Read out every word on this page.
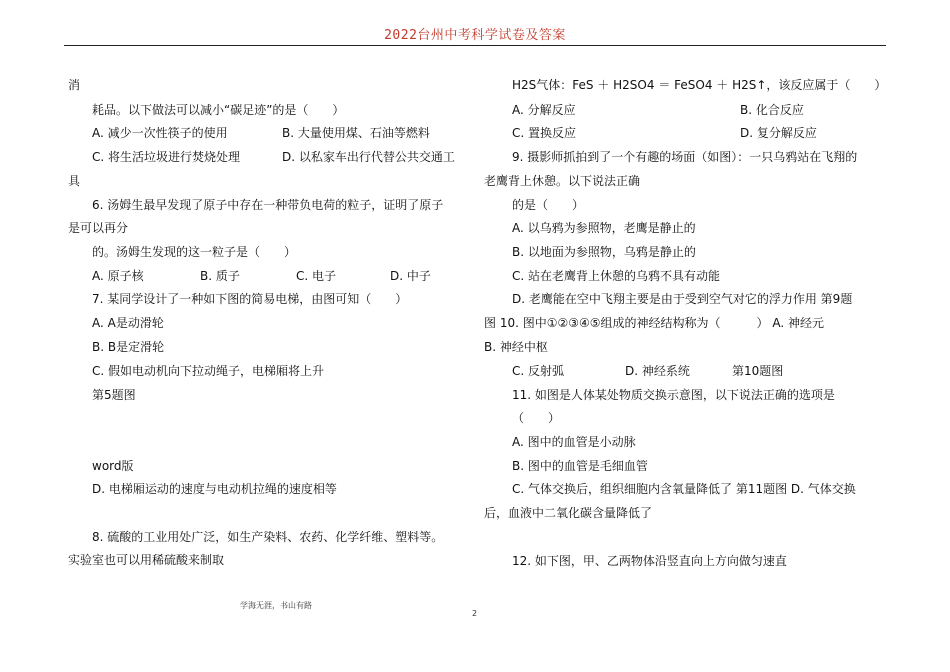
2022台州中考科学试卷及答案
消
耗品。以下做法可以减小“碳足迹”的是（　　）
A. 减少一次性筷子的使用	B. 大量使用煤、石油等燃料
C. 将生活垃圾进行焚烧处理	D. 以私家车出行代替公共交通工
具
6. 汤姆生最早发现了原子中存在一种带负电荷的粒子，证明了原子
是可以再分
的。汤姆生发现的这一粒子是（　　）
A. 原子核	B. 质子	C. 电子	D. 中子
7. 某同学设计了一种如下图的简易电梯，由图可知（　　）
A. A是动滑轮
B. B是定滑轮
C. 假如电动机向下拉动绳子，电梯厢将上升
第5题图
word版
D. 电梯厢运动的速度与电动机拉绳的速度相等
8. 硫酸的工业用处广泛，如生产染料、农药、化学纤维、塑料等。
实验室也可以用稀硫酸来制取
H2S气体：FeS ＋ H2SO4 ＝ FeSO4 ＋ H2S↑，该反应属于（　　）
A. 分解反应	B. 化合反应
C. 置换反应	D. 复分解反应
9. 摄影师抓拍到了一个有趣的场面（如图）：一只乌鸦站在飞翔的
老鹰背上休憩。以下说法正确
的是（　　）
A. 以乌鸦为参照物，老鹰是静止的
B. 以地面为参照物，乌鸦是静止的
C. 站在老鹰背上休憩的乌鸦不具有动能
D. 老鹰能在空中飞翔主要是由于受到空气对它的浮力作用 第9题
图 10. 图中①②③④⑤组成的神经结构称为（　　　） A. 神经元
B. 神经中枢
C. 反射弧	D. 神经系统	第10题图
11. 如图是人体某处物质交换示意图，以下说法正确的选项是
（　　）
A. 图中的血管是小动脉
B. 图中的血管是毛细血管
C. 气体交换后，组织细胞内含氧量降低了 第11题图 D. 气体交换
后，血液中二氧化碳含量降低了
12. 如下图，甲、乙两物体沿竖直向上方向做匀速直
学海无涯，书山有路
2
